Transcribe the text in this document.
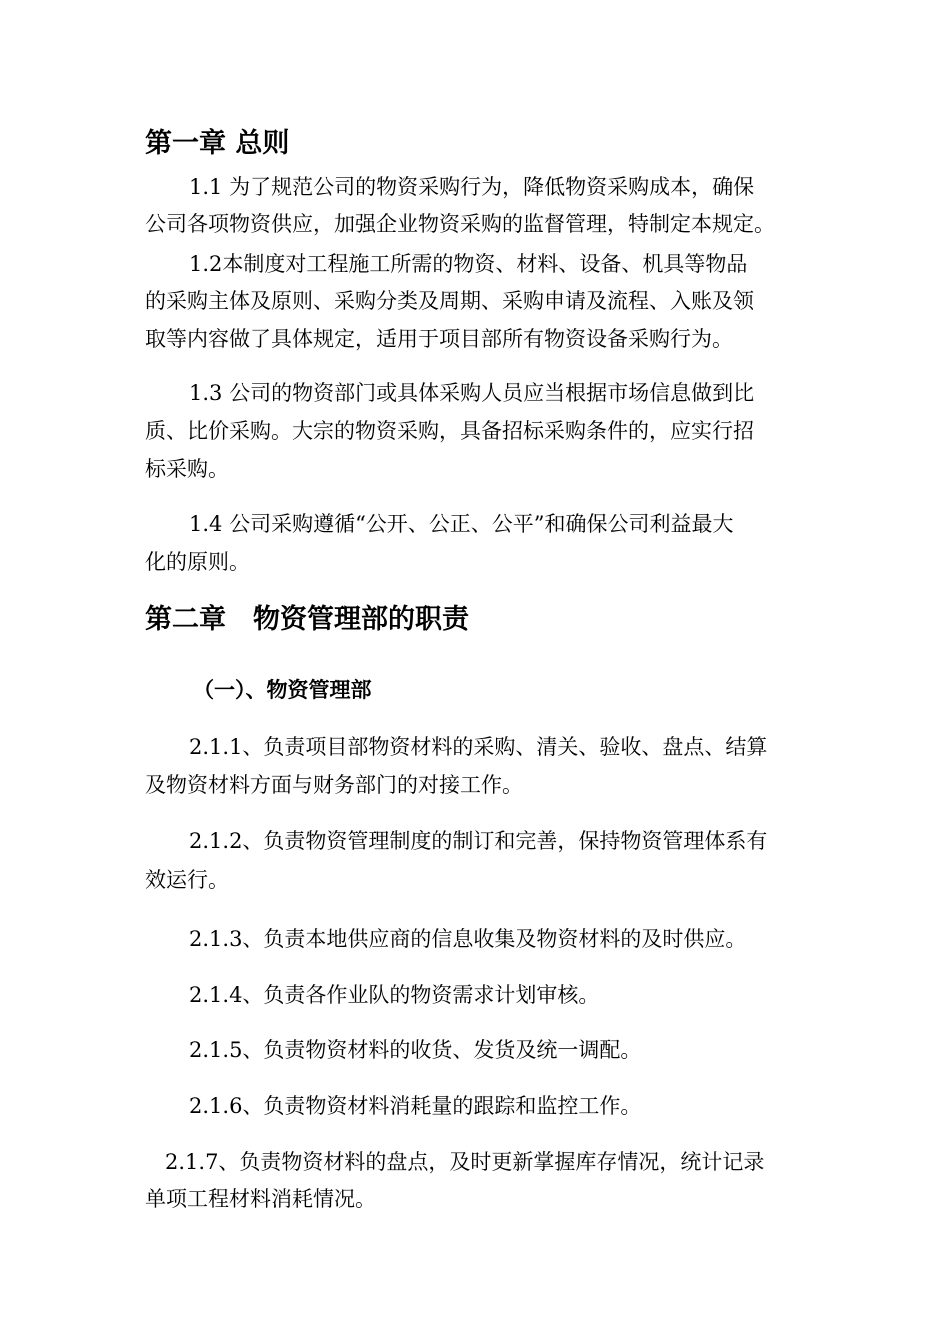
第一章 总则
1.1 为了规范公司的物资采购行为，降低物资采购成本，确保
公司各项物资供应，加强企业物资采购的监督管理，特制定本规定。
1.2本制度对工程施工所需的物资、材料、设备、机具等物品
的采购主体及原则、采购分类及周期、采购申请及流程、入账及领
取等内容做了具体规定，适用于项目部所有物资设备采购行为。
1.3 公司的物资部门或具体采购人员应当根据市场信息做到比
质、比价采购。大宗的物资采购，具备招标采购条件的，应实行招
标采购。
1.4 公司采购遵循“公开、公正、公平”和确保公司利益最大
化的原则。
第二章　物资管理部的职责
（一）、物资管理部
2.1.1、负责项目部物资材料的采购、清关、验收、盘点、结算
及物资材料方面与财务部门的对接工作。
2.1.2、负责物资管理制度的制订和完善，保持物资管理体系有
效运行。
2.1.3、负责本地供应商的信息收集及物资材料的及时供应。
2.1.4、负责各作业队的物资需求计划审核。
2.1.5、负责物资材料的收货、发货及统一调配。
2.1.6、负责物资材料消耗量的跟踪和监控工作。
2.1.7、负责物资材料的盘点，及时更新掌握库存情况，统计记录
单项工程材料消耗情况。
